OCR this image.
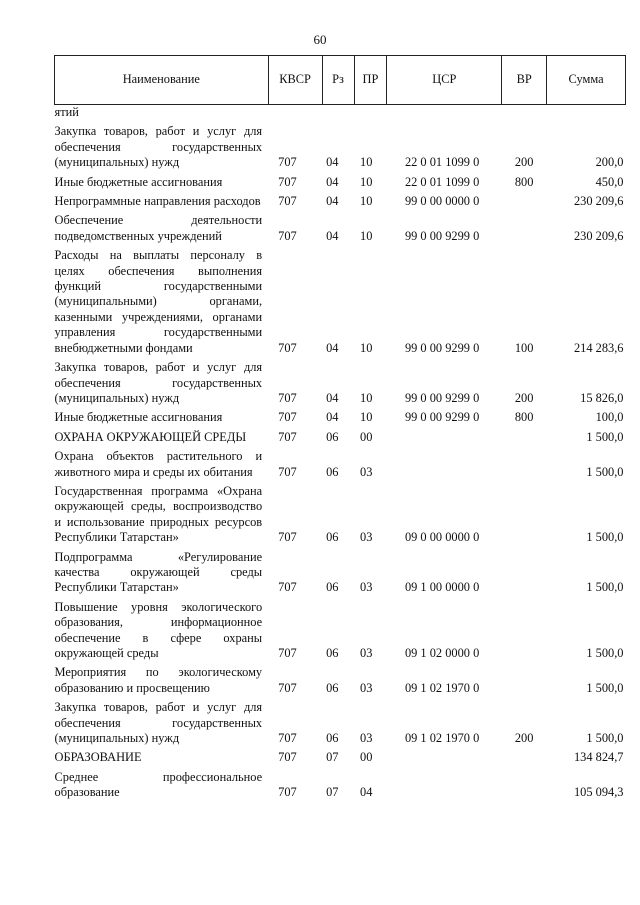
60
Наименование	КВСР	Рз	ПР	ЦСР	ВР	Сумма
ятий						
Закупка товаров, работ и услуг для обеспечения государственных (муниципальных) нужд	707	04	10	22 0 01 1099 0	200	200,0
Иные бюджетные ассигнования	707	04	10	22 0 01 1099 0	800	450,0
Непрограммные направления расходов	707	04	10	99 0 00 0000 0		230 209,6
Обеспечение деятельности подведомственных учреждений	707	04	10	99 0 00 9299 0		230 209,6
Расходы на выплаты персоналу в целях обеспечения выполнения функций государственными (муниципальными) органами, казенными учреждениями, органами управления государственными внебюджетными фондами	707	04	10	99 0 00 9299 0	100	214 283,6
Закупка товаров, работ и услуг для обеспечения государственных (муниципальных) нужд	707	04	10	99 0 00 9299 0	200	15 826,0
Иные бюджетные ассигнования	707	04	10	99 0 00 9299 0	800	100,0
ОХРАНА ОКРУЖАЮЩЕЙ СРЕДЫ	707	06	00			1 500,0
Охрана объектов растительного и животного мира и среды их обитания	707	06	03			1 500,0
Государственная программа «Охрана окружающей среды, воспроизводство и использование природных ресурсов Республики Татарстан»	707	06	03	09 0 00 0000 0		1 500,0
Подпрограмма «Регулирование качества окружающей среды Республики Татарстан»	707	06	03	09 1 00 0000 0		1 500,0
Повышение уровня экологического образования, информационное обеспечение в сфере охраны окружающей среды	707	06	03	09 1 02 0000 0		1 500,0
Мероприятия по экологическому образованию и просвещению	707	06	03	09 1 02 1970 0		1 500,0
Закупка товаров, работ и услуг для обеспечения государственных (муниципальных) нужд	707	06	03	09 1 02 1970 0	200	1 500,0
ОБРАЗОВАНИЕ	707	07	00			134 824,7
Среднее профессиональное образование	707	07	04			105 094,3
